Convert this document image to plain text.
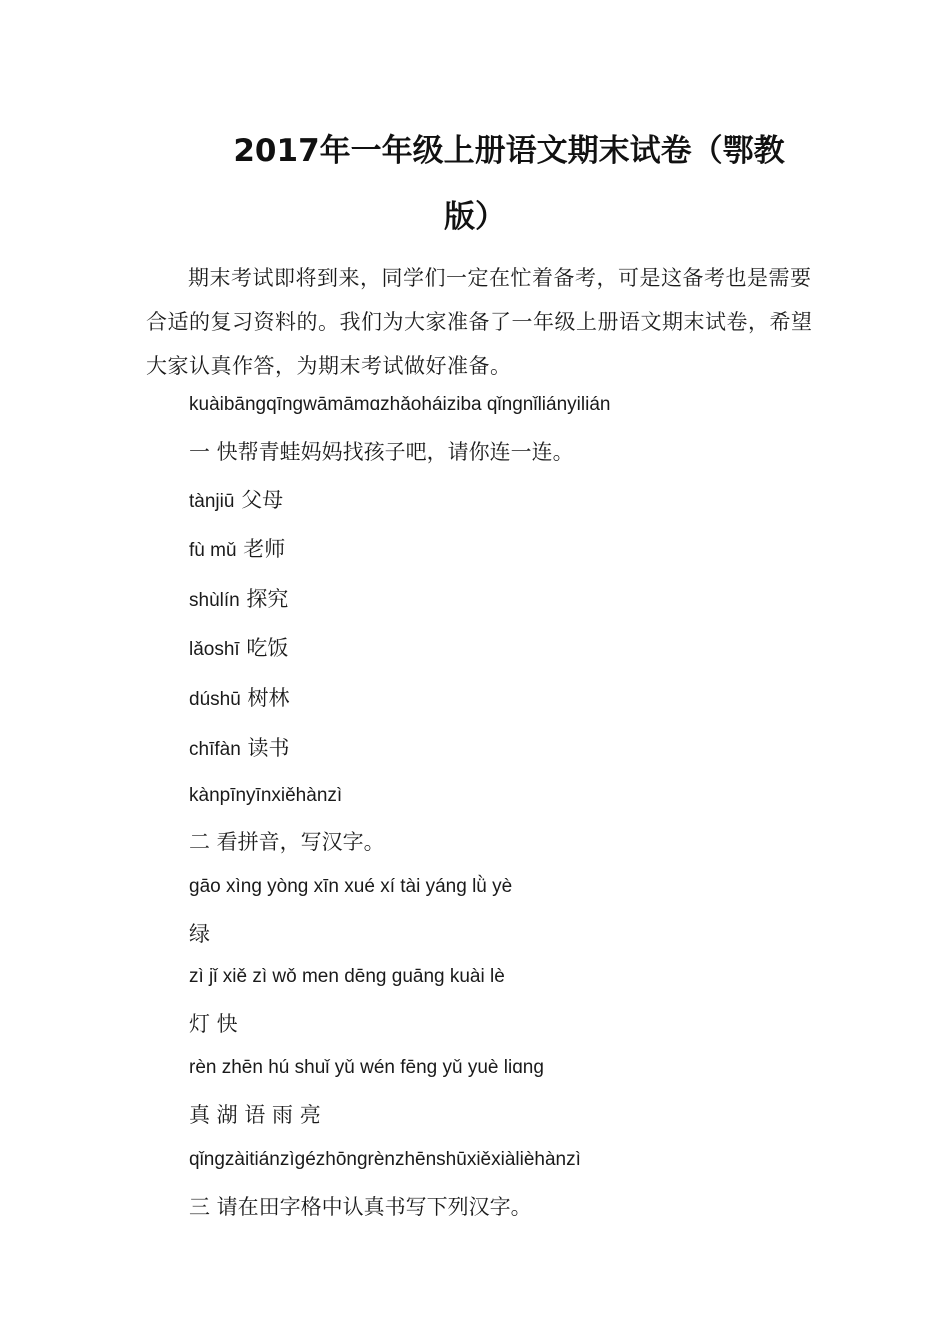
2017年一年级上册语文期末试卷（鄂教
版）
期末考试即将到来，同学们一定在忙着备考，可是这备考也是需要合适的复习资料的。我们为大家准备了一年级上册语文期末试卷，希望大家认真作答，为期末考试做好准备。
kuàibāngqīngwāmāmɑzhǎoháiziba qǐngnǐliányilián
一 快帮青蛙妈妈找孩子吧，请你连一连。
tànjiū 父母
fù mǔ 老师
shùlín 探究
lǎoshī 吃饭
dúshū 树林
chīfàn 读书
kànpīnyīnxiěhànzì
二 看拼音，写汉字。
gāo xìng yòng xīn xué xí tài yáng lǜ yè
绿
zì jǐ xiě zì wǒ men dēng guāng kuài lè
灯 快
rèn zhēn hú shuǐ yǔ wén fēng yǔ yuè liɑng
真 湖 语 雨 亮
qǐngzàitiánzìgézhōngrènzhēnshūxiěxiàlièhànzì
三 请在田字格中认真书写下列汉字。
